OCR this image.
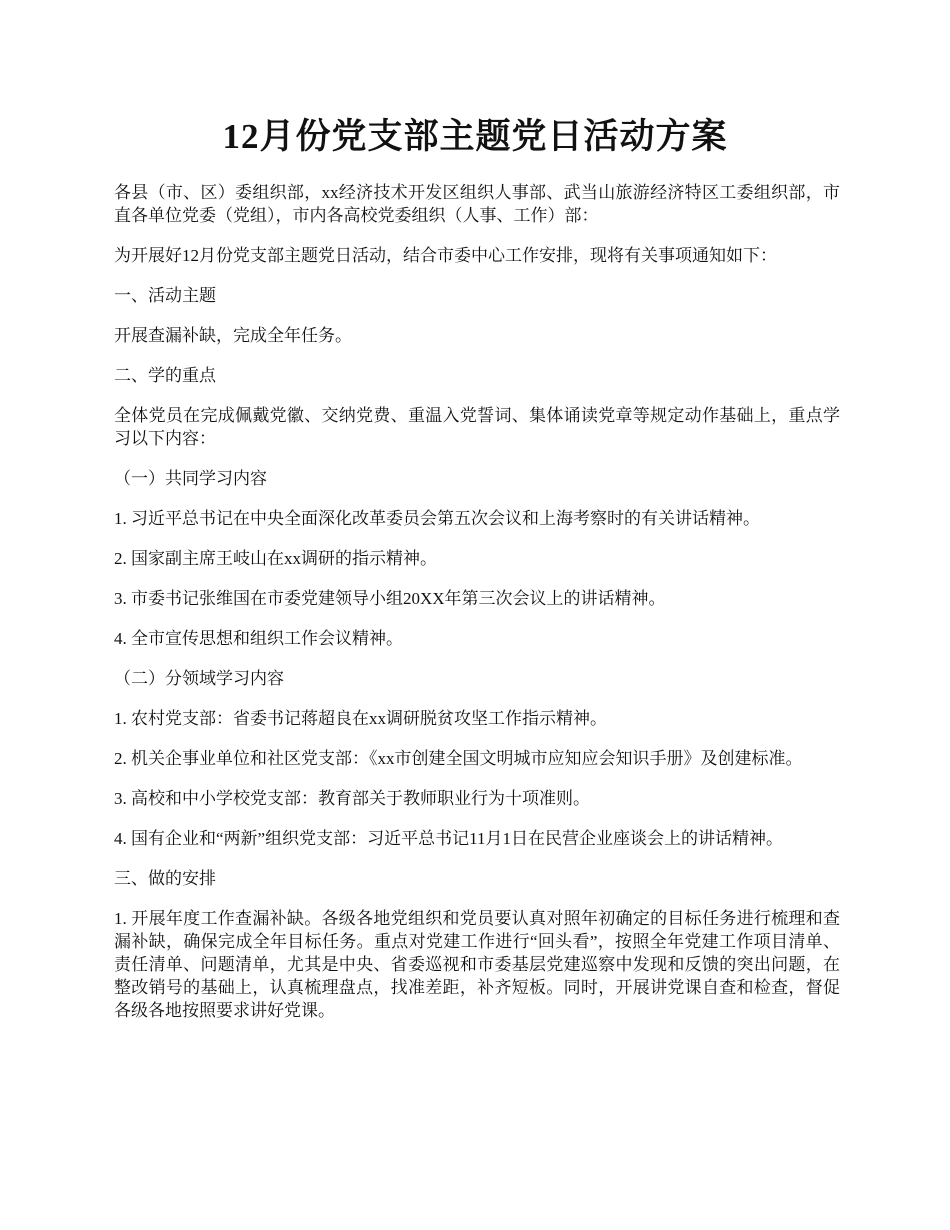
12月份党支部主题党日活动方案

各县（市、区）委组织部，xx经济技术开发区组织人事部、武当山旅游经济特区工委组织部，市直各单位党委（党组），市内各高校党委组织（人事、工作）部：

为开展好12月份党支部主题党日活动，结合市委中心工作安排，现将有关事项通知如下：

一、活动主题

开展查漏补缺，完成全年任务。

二、学的重点

全体党员在完成佩戴党徽、交纳党费、重温入党誓词、集体诵读党章等规定动作基础上，重点学习以下内容：

（一）共同学习内容

1. 习近平总书记在中央全面深化改革委员会第五次会议和上海考察时的有关讲话精神。

2. 国家副主席王岐山在xx调研的指示精神。

3. 市委书记张维国在市委党建领导小组20XX年第三次会议上的讲话精神。

4. 全市宣传思想和组织工作会议精神。

（二）分领域学习内容

1. 农村党支部：省委书记蒋超良在xx调研脱贫攻坚工作指示精神。

2. 机关企事业单位和社区党支部：《xx市创建全国文明城市应知应会知识手册》及创建标准。

3. 高校和中小学校党支部：教育部关于教师职业行为十项准则。

4. 国有企业和“两新”组织党支部：习近平总书记11月1日在民营企业座谈会上的讲话精神。

三、做的安排

1. 开展年度工作查漏补缺。各级各地党组织和党员要认真对照年初确定的目标任务进行梳理和查漏补缺，确保完成全年目标任务。重点对党建工作进行“回头看”，按照全年党建工作项目清单、责任清单、问题清单，尤其是中央、省委巡视和市委基层党建巡察中发现和反馈的突出问题，在整改销号的基础上，认真梳理盘点，找准差距，补齐短板。同时，开展讲党课自查和检查，督促各级各地按照要求讲好党课。
